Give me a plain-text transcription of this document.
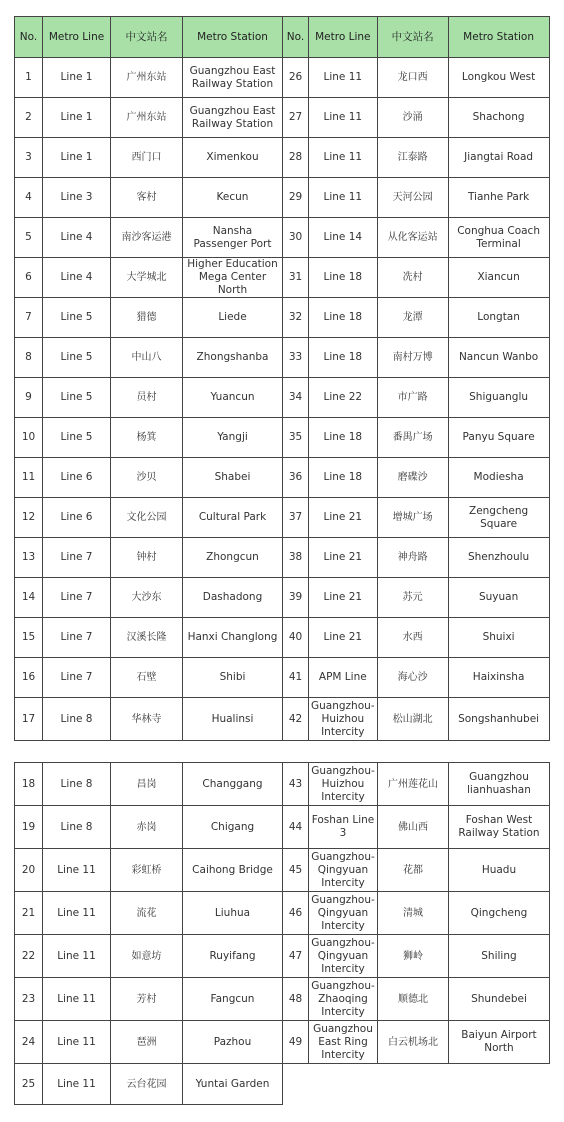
No.	Metro Line	中文站名	Metro Station	No.	Metro Line	中文站名	Metro Station
1	Line 1	广州东站	Guangzhou East Railway Station	26	Line 11	龙口西	Longkou West
2	Line 1	广州东站	Guangzhou East Railway Station	27	Line 11	沙涌	Shachong
3	Line 1	西门口	Ximenkou	28	Line 11	江泰路	Jiangtai Road
4	Line 3	客村	Kecun	29	Line 11	天河公园	Tianhe Park
5	Line 4	南沙客运港	Nansha Passenger Port	30	Line 14	从化客运站	Conghua Coach Terminal
6	Line 4	大学城北	Higher Education Mega Center North	31	Line 18	冼村	Xiancun
7	Line 5	猎德	Liede	32	Line 18	龙潭	Longtan
8	Line 5	中山八	Zhongshanba	33	Line 18	南村万博	Nancun Wanbo
9	Line 5	员村	Yuancun	34	Line 22	市广路	Shiguanglu
10	Line 5	杨箕	Yangji	35	Line 18	番禺广场	Panyu Square
11	Line 6	沙贝	Shabei	36	Line 18	磨碟沙	Modiesha
12	Line 6	文化公园	Cultural Park	37	Line 21	增城广场	Zengcheng Square
13	Line 7	钟村	Zhongcun	38	Line 21	神舟路	Shenzhoulu
14	Line 7	大沙东	Dashadong	39	Line 21	苏元	Suyuan
15	Line 7	汉溪长隆	Hanxi Changlong	40	Line 21	水西	Shuixi
16	Line 7	石壁	Shibi	41	APM Line	海心沙	Haixinsha
17	Line 8	华林寺	Hualinsi	42	Guangzhou-Huizhou Intercity	松山湖北	Songshanhubei
18	Line 8	昌岗	Changgang	43	Guangzhou-Huizhou Intercity	广州莲花山	Guangzhou lianhuashan
19	Line 8	赤岗	Chigang	44	Foshan Line 3	佛山西	Foshan West Railway Station
20	Line 11	彩虹桥	Caihong Bridge	45	Guangzhou-Qingyuan Intercity	花都	Huadu
21	Line 11	流花	Liuhua	46	Guangzhou-Qingyuan Intercity	清城	Qingcheng
22	Line 11	如意坊	Ruyifang	47	Guangzhou-Qingyuan Intercity	狮岭	Shiling
23	Line 11	芳村	Fangcun	48	Guangzhou-Zhaoqing Intercity	顺德北	Shundebei
24	Line 11	琶洲	Pazhou	49	Guangzhou East Ring Intercity	白云机场北	Baiyun Airport North
25	Line 11	云台花园	Yuntai Garden				
